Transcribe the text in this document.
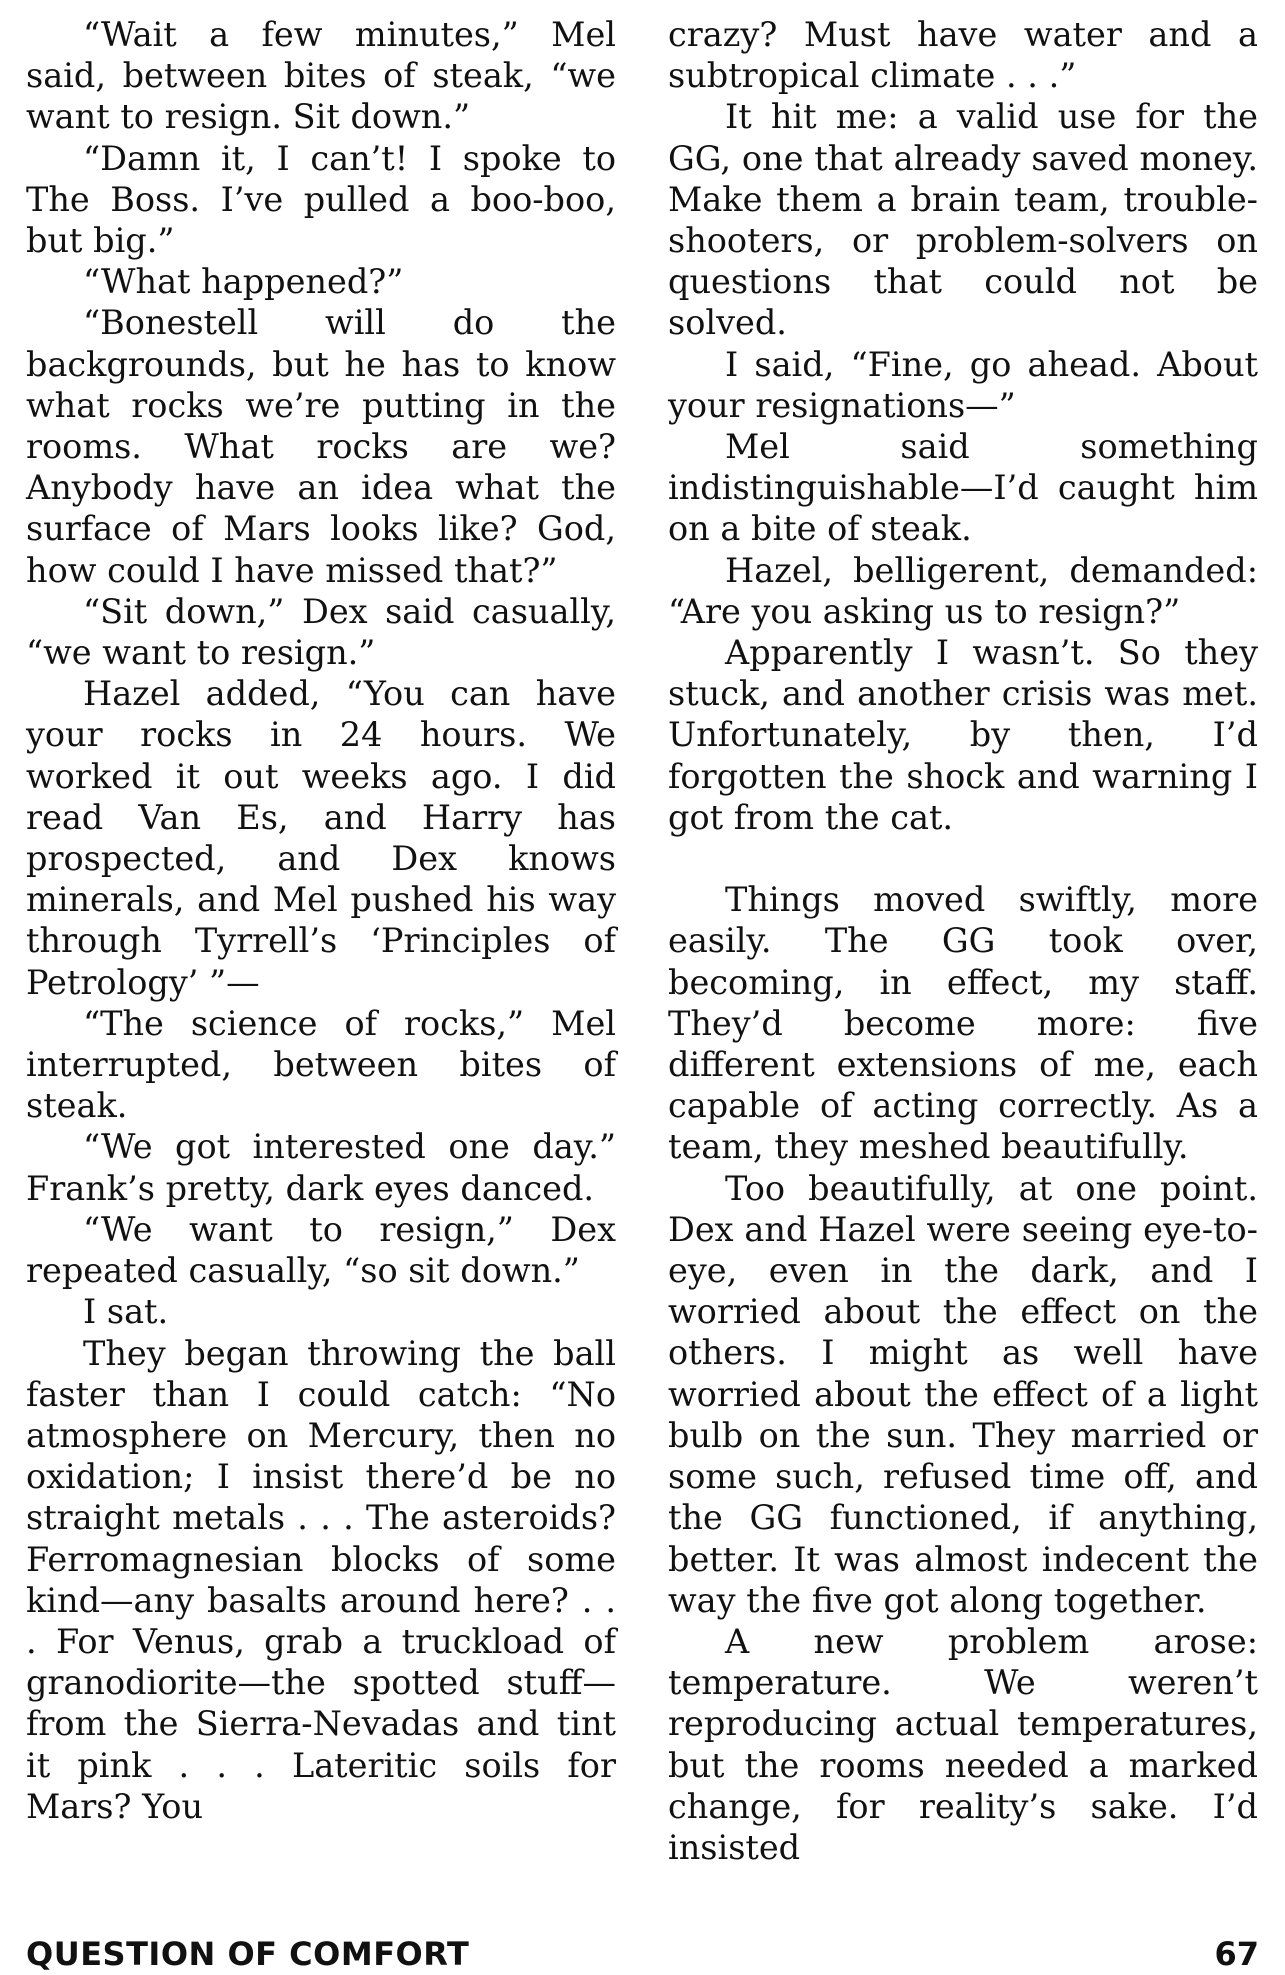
“Wait a few minutes,” Mel said, between bites of steak, “we want to resign. Sit down.”

“Damn it, I can’t! I spoke to The Boss. I’ve pulled a boo-boo, but big.”

“What happened?”

“Bonestell will do the backgrounds, but he has to know what rocks we’re putting in the rooms. What rocks are we? Anybody have an idea what the surface of Mars looks like? God, how could I have missed that?”

“Sit down,” Dex said casually, “we want to resign.”

Hazel added, “You can have your rocks in 24 hours. We worked it out weeks ago. I did read Van Es, and Harry has prospected, and Dex knows minerals, and Mel pushed his way through Tyrrell’s ‘Principles of Petrology’ ”—

“The science of rocks,” Mel interrupted, between bites of steak.

“We got interested one day.” Frank’s pretty, dark eyes danced.

“We want to resign,” Dex repeated casually, “so sit down.”

I sat.

They began throwing the ball faster than I could catch: “No atmosphere on Mercury, then no oxidation; I insist there’d be no straight metals . . . The asteroids? Ferromagnesian blocks of some kind—any basalts around here? . . . For Venus, grab a truckload of granodiorite—the spotted stuff—from the Sierra-Nevadas and tint it pink . . . Lateritic soils for Mars? You

crazy? Must have water and a subtropical climate . . .”

It hit me: a valid use for the GG, one that already saved money. Make them a brain team, trouble-shooters, or problem-solvers on questions that could not be solved.

I said, “Fine, go ahead. About your resignations—”

Mel said something indistinguishable—I’d caught him on a bite of steak.

Hazel, belligerent, demanded: “Are you asking us to resign?”

Apparently I wasn’t. So they stuck, and another crisis was met. Unfortunately, by then, I’d forgotten the shock and warning I got from the cat.

Things moved swiftly, more easily. The GG took over, becoming, in effect, my staff. They’d become more: five different extensions of me, each capable of acting correctly. As a team, they meshed beautifully.

Too beautifully, at one point. Dex and Hazel were seeing eye-to-eye, even in the dark, and I worried about the effect on the others. I might as well have worried about the effect of a light bulb on the sun. They married or some such, refused time off, and the GG functioned, if anything, better. It was almost indecent the way the five got along together.

A new problem arose: temperature. We weren’t reproducing actual temperatures, but the rooms needed a marked change, for reality’s sake. I’d insisted

QUESTION OF COMFORT	67
